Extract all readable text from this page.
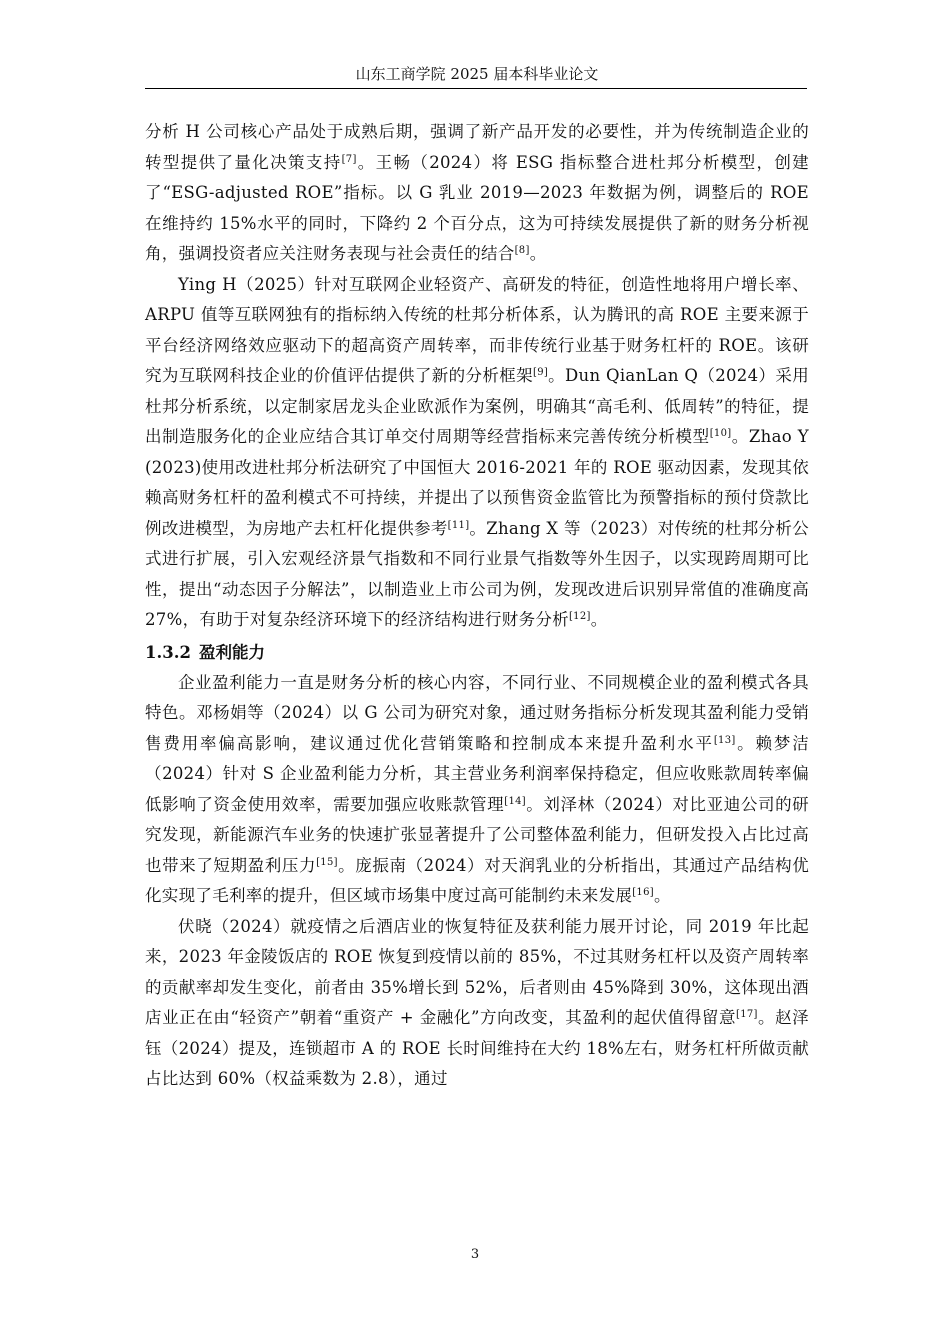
山东工商学院 2025 届本科毕业论文

分析 H 公司核心产品处于成熟后期，强调了新产品开发的必要性，并为传统制造企业的转型提供了量化决策支持[7]。王畅（2024）将 ESG 指标整合进杜邦分析模型，创建了“ESG-adjusted ROE”指标。以 G 乳业 2019—2023 年数据为例，调整后的 ROE 在维持约 15%水平的同时，下降约 2 个百分点，这为可持续发展提供了新的财务分析视角，强调投资者应关注财务表现与社会责任的结合[8]。

Ying H（2025）针对互联网企业轻资产、高研发的特征，创造性地将用户增长率、ARPU 值等互联网独有的指标纳入传统的杜邦分析体系，认为腾讯的高 ROE 主要来源于平台经济网络效应驱动下的超高资产周转率，而非传统行业基于财务杠杆的 ROE。该研究为互联网科技企业的价值评估提供了新的分析框架[9]。Dun QianLan Q（2024）采用杜邦分析系统，以定制家居龙头企业欧派作为案例，明确其“高毛利、低周转”的特征，提出制造服务化的企业应结合其订单交付周期等经营指标来完善传统分析模型[10]。Zhao Y (2023)使用改进杜邦分析法研究了中国恒大 2016-2021 年的 ROE 驱动因素，发现其依赖高财务杠杆的盈利模式不可持续，并提出了以预售资金监管比为预警指标的预付贷款比例改进模型，为房地产去杠杆化提供参考[11]。Zhang X 等（2023）对传统的杜邦分析公式进行扩展，引入宏观经济景气指数和不同行业景气指数等外生因子，以实现跨周期可比性，提出“动态因子分解法”，以制造业上市公司为例，发现改进后识别异常值的准确度高 27%，有助于对复杂经济环境下的经济结构进行财务分析[12]。

1.3.2 盈利能力

企业盈利能力一直是财务分析的核心内容，不同行业、不同规模企业的盈利模式各具特色。邓杨娟等（2024）以 G 公司为研究对象，通过财务指标分析发现其盈利能力受销售费用率偏高影响，建议通过优化营销策略和控制成本来提升盈利水平[13]。赖梦洁（2024）针对 S 企业盈利能力分析，其主营业务利润率保持稳定，但应收账款周转率偏低影响了资金使用效率，需要加强应收账款管理[14]。刘泽林（2024）对比亚迪公司的研究发现，新能源汽车业务的快速扩张显著提升了公司整体盈利能力，但研发投入占比过高也带来了短期盈利压力[15]。庞振南（2024）对天润乳业的分析指出，其通过产品结构优化实现了毛利率的提升，但区域市场集中度过高可能制约未来发展[16]。

伏晓（2024）就疫情之后酒店业的恢复特征及获利能力展开讨论，同 2019 年比起来，2023 年金陵饭店的 ROE 恢复到疫情以前的 85%，不过其财务杠杆以及资产周转率的贡献率却发生变化，前者由 35%增长到 52%，后者则由 45%降到 30%，这体现出酒店业正在由“轻资产”朝着“重资产 + 金融化”方向改变，其盈利的起伏值得留意[17]。赵泽钰（2024）提及，连锁超市 A 的 ROE 长时间维持在大约 18%左右，财务杠杆所做贡献占比达到 60%（权益乘数为 2.8），通过

3
